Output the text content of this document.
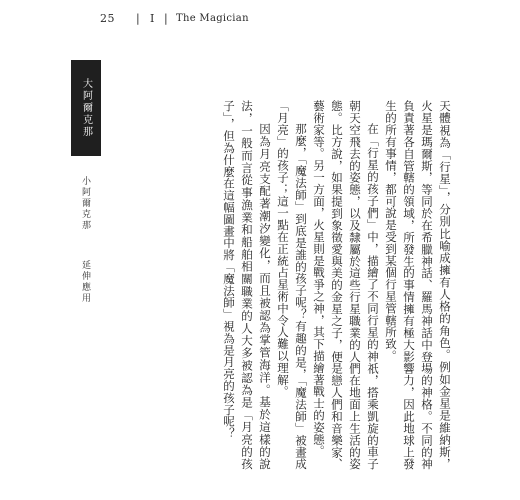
25 | I | The Magician
大阿爾克那
小阿爾克那
延伸應用	天體視為「行星」，分別比喻成擁有人格的角色。例如金星是維納斯，火星是瑪爾斯，等同於在希臘神話、羅馬神話中登場的神格。不同的神負責著各自管轄的領域，所發生的事情擁有極大影響力，因此地球上發生的所有事情，都可說是受到某個行星管轄所致。

在「行星的孩子們」中，描繪了不同行星的神祇，搭乘凱旋的車子朝天空飛去的姿態，以及隸屬於這些行星職業的人們在地面上生活的姿態。比方說，如果提到象徵愛與美的金星之子，便是戀人們和音樂家、藝術家等。另一方面，火星則是戰爭之神，其下描繪著戰士的姿態。

那麼，「魔法師」到底是誰的孩子呢？有趣的是，「魔法師」被畫成「月亮」的孩子；這一點在正統占星術中令人難以理解。

因為月亮支配著潮汐變化，而且被認為掌管海洋。基於這樣的說法，一般而言從事漁業和船舶相關職業的人大多被認為是「月亮的孩子」，但為什麼在這幅圖畫中將「魔法師」視為是月亮的孩子呢？
